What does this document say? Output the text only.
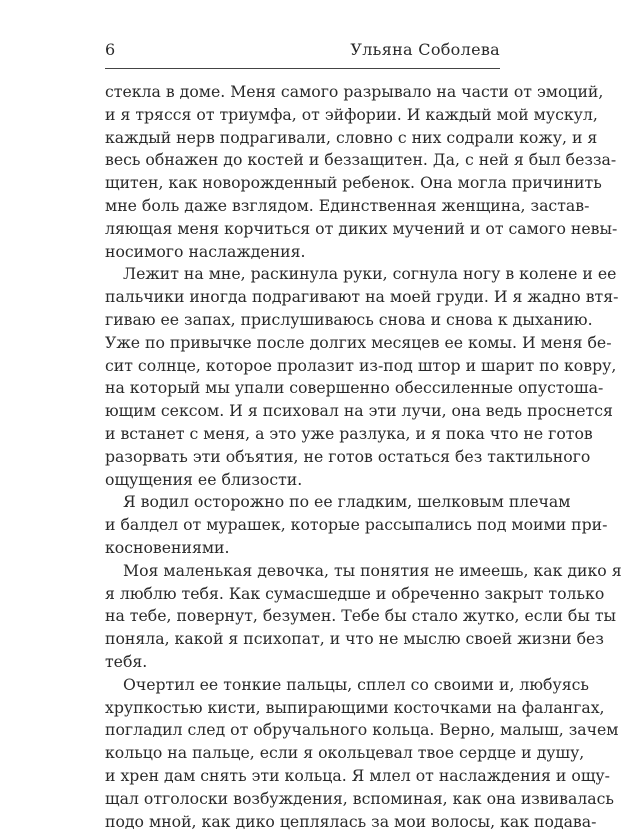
6	Ульяна Соболева
стекла в доме. Меня самого разрывало на части от эмоций,
и я трясся от триумфа, от эйфории. И каждый мой мускул,
каждый нерв подрагивали, словно с них содрали кожу, и я
весь обнажен до костей и беззащитен. Да, с ней я был безза-
щитен, как новорожденный ребенок. Она могла причинить
мне боль даже взглядом. Единственная женщина, застав-
ляющая меня корчиться от диких мучений и от самого невы-
носимого наслаждения.
Лежит на мне, раскинула руки, согнула ногу в колене и ее
пальчики иногда подрагивают на моей груди. И я жадно втя-
гиваю ее запах, прислушиваюсь снова и снова к дыханию.
Уже по привычке после долгих месяцев ее комы. И меня бе-
сит солнце, которое пролазит из-под штор и шарит по ковру,
на который мы упали совершенно обессиленные опустоша-
ющим сексом. И я психовал на эти лучи, она ведь проснется
и встанет с меня, а это уже разлука, и я пока что не готов
разорвать эти объятия, не готов остаться без тактильного
ощущения ее близости.
Я водил осторожно по ее гладким, шелковым плечам
и балдел от мурашек, которые рассыпались под моими при-
косновениями.
Моя маленькая девочка, ты понятия не имеешь, как дико я
я люблю тебя. Как сумасшедше и обреченно закрыт только
на тебе, повернут, безумен. Тебе бы стало жутко, если бы ты
поняла, какой я психопат, и что не мыслю своей жизни без
тебя.
Очертил ее тонкие пальцы, сплел со своими и, любуясь
хрупкостью кисти, выпирающими косточками на фалангах,
погладил след от обручального кольца. Верно, малыш, зачем
кольцо на пальце, если я окольцевал твое сердце и душу,
и хрен дам снять эти кольца. Я млел от наслаждения и ощу-
щал отголоски возбуждения, вспоминая, как она извивалась
подо мной, как дико цеплялась за мои волосы, как подава-
